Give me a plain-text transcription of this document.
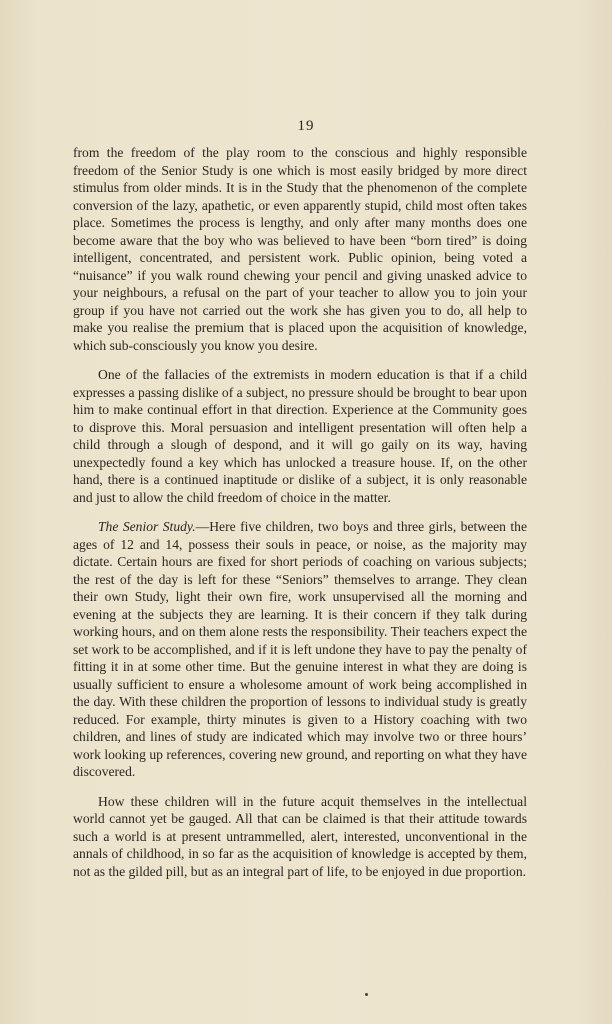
19

from the freedom of the play room to the conscious and highly responsible freedom of the Senior Study is one which is most easily bridged by more direct stimulus from older minds. It is in the Study that the phenomenon of the complete conversion of the lazy, apathetic, or even apparently stupid, child most often takes place. Sometimes the process is lengthy, and only after many months does one become aware that the boy who was believed to have been “born tired” is doing intelligent, concentrated, and persistent work. Public opinion, being voted a “nuisance” if you walk round chewing your pencil and giving unasked advice to your neighbours, a refusal on the part of your teacher to allow you to join your group if you have not carried out the work she has given you to do, all help to make you realise the premium that is placed upon the acquisition of knowledge, which sub-consciously you know you desire.

One of the fallacies of the extremists in modern education is that if a child expresses a passing dislike of a subject, no pressure should be brought to bear upon him to make continual effort in that direction. Experience at the Community goes to disprove this. Moral persuasion and intelligent presentation will often help a child through a slough of despond, and it will go gaily on its way, having unexpectedly found a key which has unlocked a treasure house. If, on the other hand, there is a continued inaptitude or dislike of a subject, it is only reasonable and just to allow the child freedom of choice in the matter.

The Senior Study.—Here five children, two boys and three girls, between the ages of 12 and 14, possess their souls in peace, or noise, as the majority may dictate. Certain hours are fixed for short periods of coaching on various subjects; the rest of the day is left for these “Seniors” themselves to arrange. They clean their own Study, light their own fire, work unsupervised all the morning and evening at the subjects they are learning. It is their concern if they talk during working hours, and on them alone rests the responsibility. Their teachers expect the set work to be accomplished, and if it is left undone they have to pay the penalty of fitting it in at some other time. But the genuine interest in what they are doing is usually sufficient to ensure a wholesome amount of work being accomplished in the day. With these children the proportion of lessons to individual study is greatly reduced. For example, thirty minutes is given to a History coaching with two children, and lines of study are indicated which may involve two or three hours’ work looking up references, covering new ground, and reporting on what they have discovered.

How these children will in the future acquit themselves in the intellectual world cannot yet be gauged. All that can be claimed is that their attitude towards such a world is at present untrammelled, alert, interested, unconventional in the annals of childhood, in so far as the acquisition of knowledge is accepted by them, not as the gilded pill, but as an integral part of life, to be enjoyed in due proportion.
